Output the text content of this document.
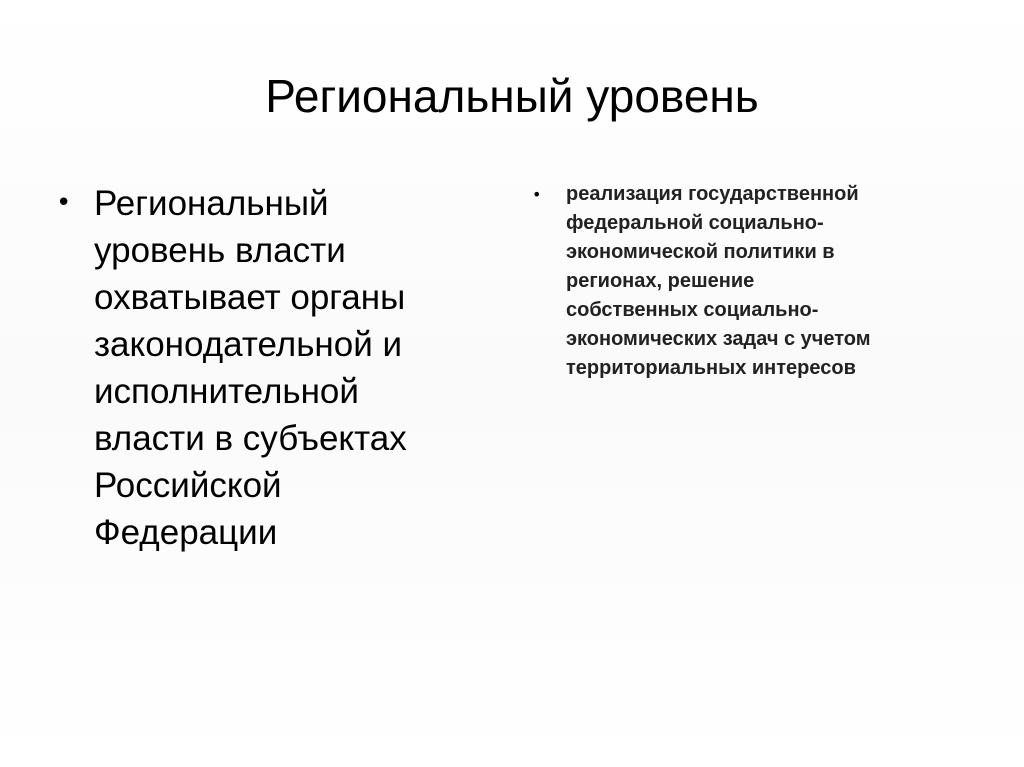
Региональный уровень
• Региональный
уровень власти
охватывает органы
законодательной и
исполнительной
власти в субъектах
Российской
Федерации
•	реализация государственной
федеральной социально-
экономической политики в
регионах, решение
собственных социально-
экономических задач с учетом
территориальных интересов
